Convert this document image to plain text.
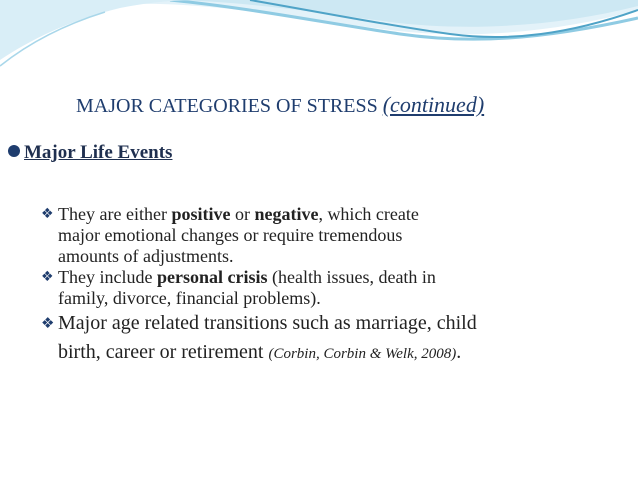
MAJOR CATEGORIES OF STRESS (continued)
Major Life Events
❖ They are either positive or negative, which create
major emotional changes or require tremendous
amounts of adjustments.
❖ They include personal crisis (health issues, death in
family, divorce, financial problems).
❖ Major age related transitions such as marriage, child
birth, career or retirement (Corbin, Corbin & Welk, 2008).
